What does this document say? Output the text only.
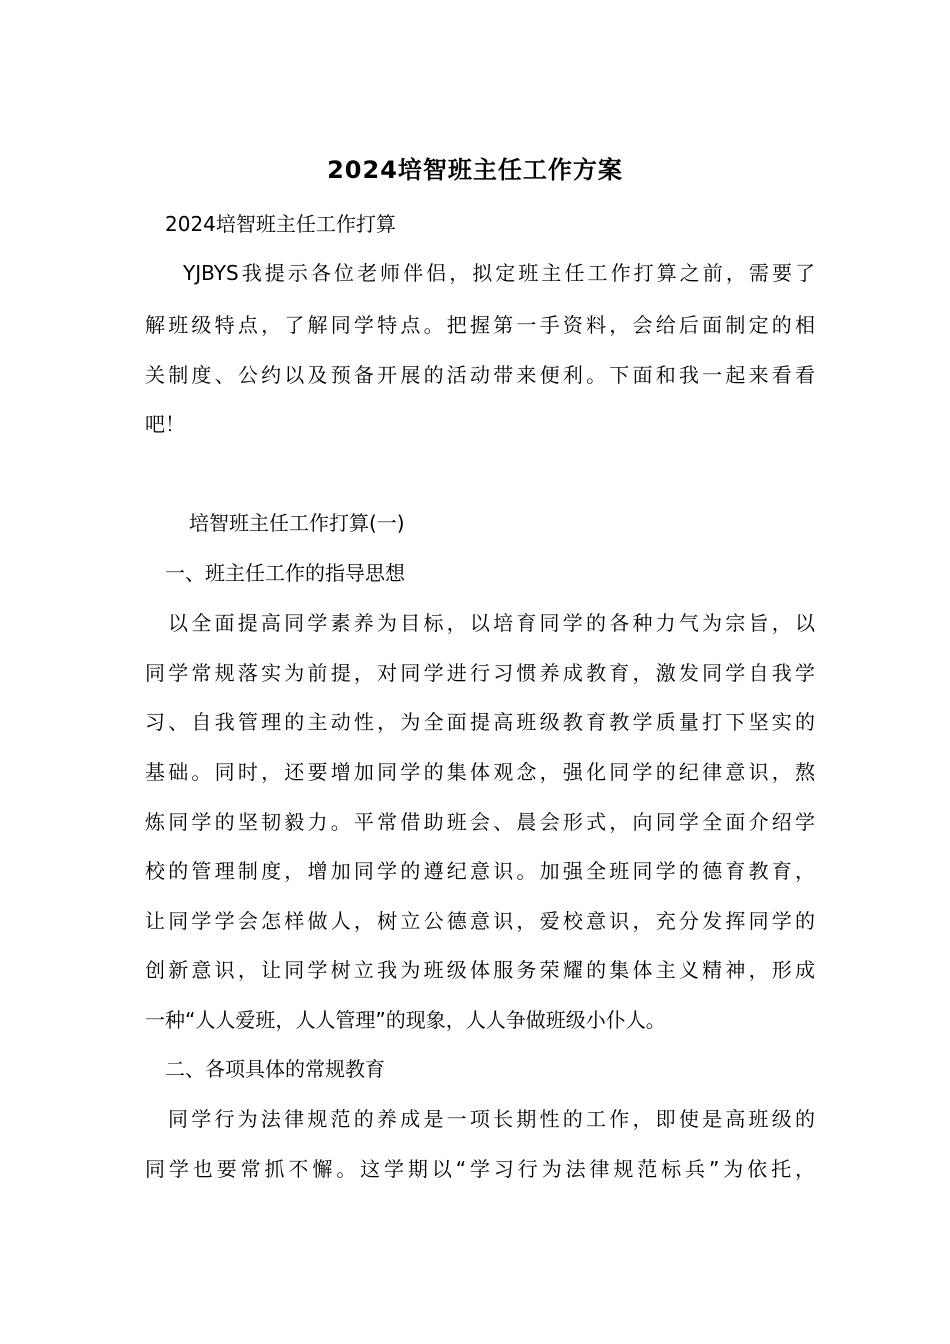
2024培智班主任工作方案
2024培智班主任工作打算
YJBYS我提示各位老师伴侣，拟定班主任工作打算之前，需要了
解班级特点，了解同学特点。把握第一手资料，会给后面制定的相
关制度、公约以及预备开展的活动带来便利。下面和我一起来看看
吧！
培智班主任工作打算(一)
一、班主任工作的指导思想
以全面提高同学素养为目标，以培育同学的各种力气为宗旨，以
同学常规落实为前提，对同学进行习惯养成教育，激发同学自我学
习、自我管理的主动性，为全面提高班级教育教学质量打下坚实的
基础。同时，还要增加同学的集体观念，强化同学的纪律意识，熬
炼同学的坚韧毅力。平常借助班会、晨会形式，向同学全面介绍学
校的管理制度，增加同学的遵纪意识。加强全班同学的德育教育，
让同学学会怎样做人，树立公德意识，爱校意识，充分发挥同学的
创新意识，让同学树立我为班级体服务荣耀的集体主义精神，形成
一种“人人爱班，人人管理”的现象，人人争做班级小仆人。
二、各项具体的常规教育
同学行为法律规范的养成是一项长期性的工作，即使是高班级的
同学也要常抓不懈。这学期以“学习行为法律规范标兵”为依托，
